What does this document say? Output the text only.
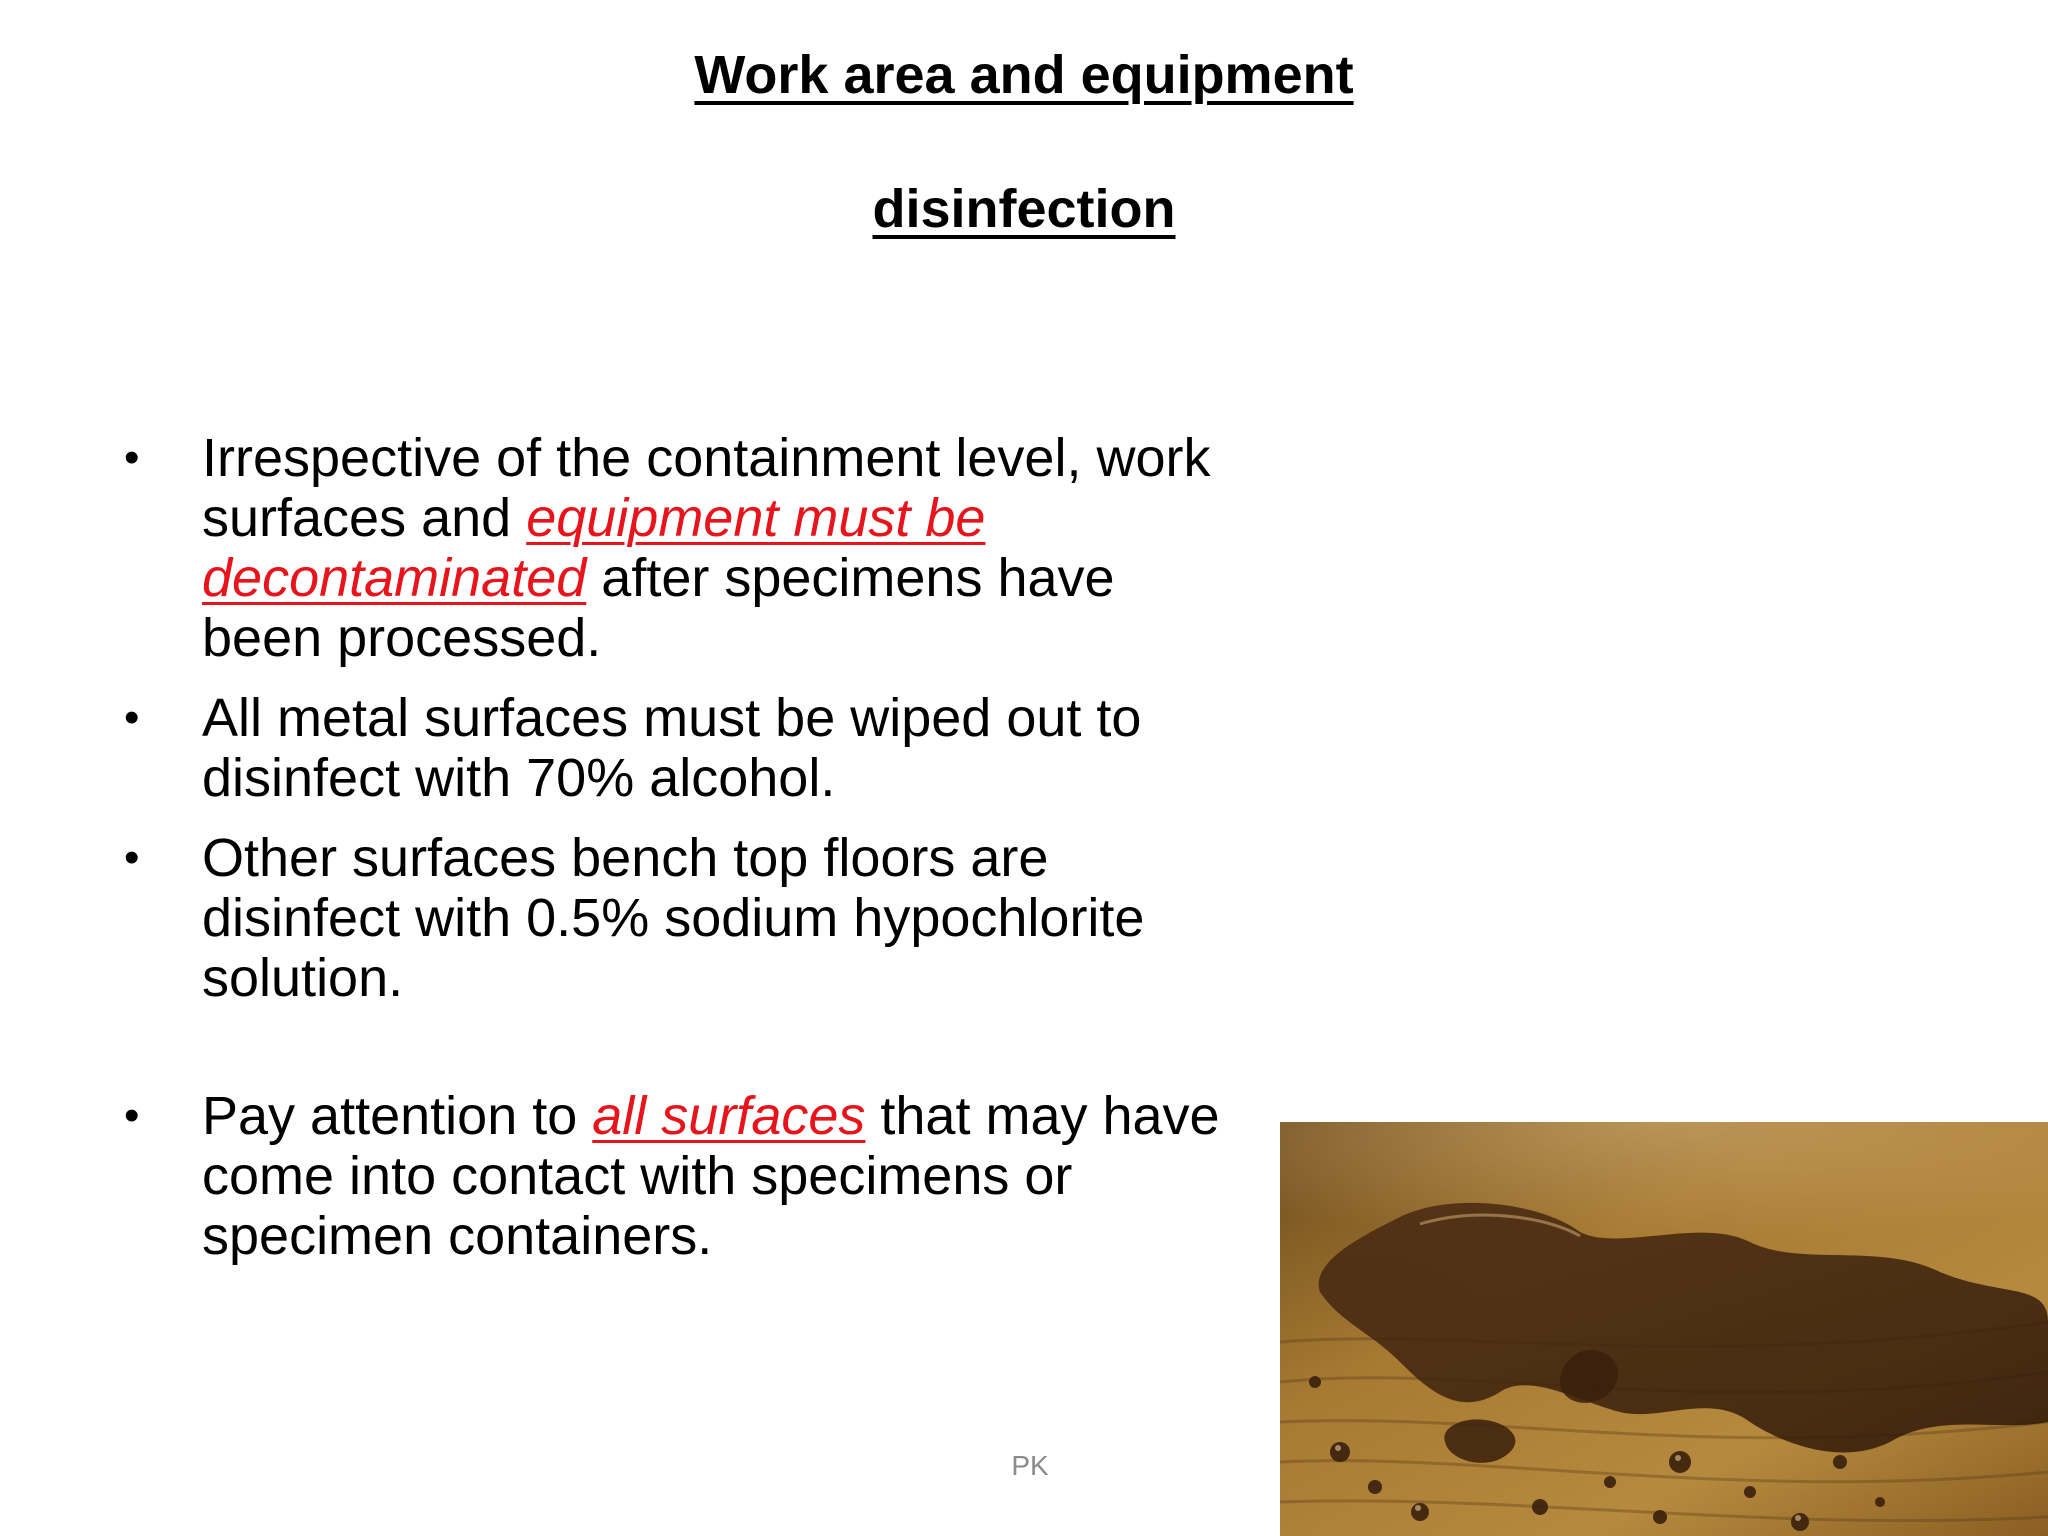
Work area and equipment
disinfection
• Irrespective of the containment level, work surfaces and equipment must be decontaminated after specimens have been processed.
• All metal surfaces must be wiped out to disinfect with 70% alcohol.
• Other surfaces bench top floors are disinfect with 0.5% sodium hypochlorite solution.
• Pay attention to all surfaces that may have come into contact with specimens or specimen containers.
PK
